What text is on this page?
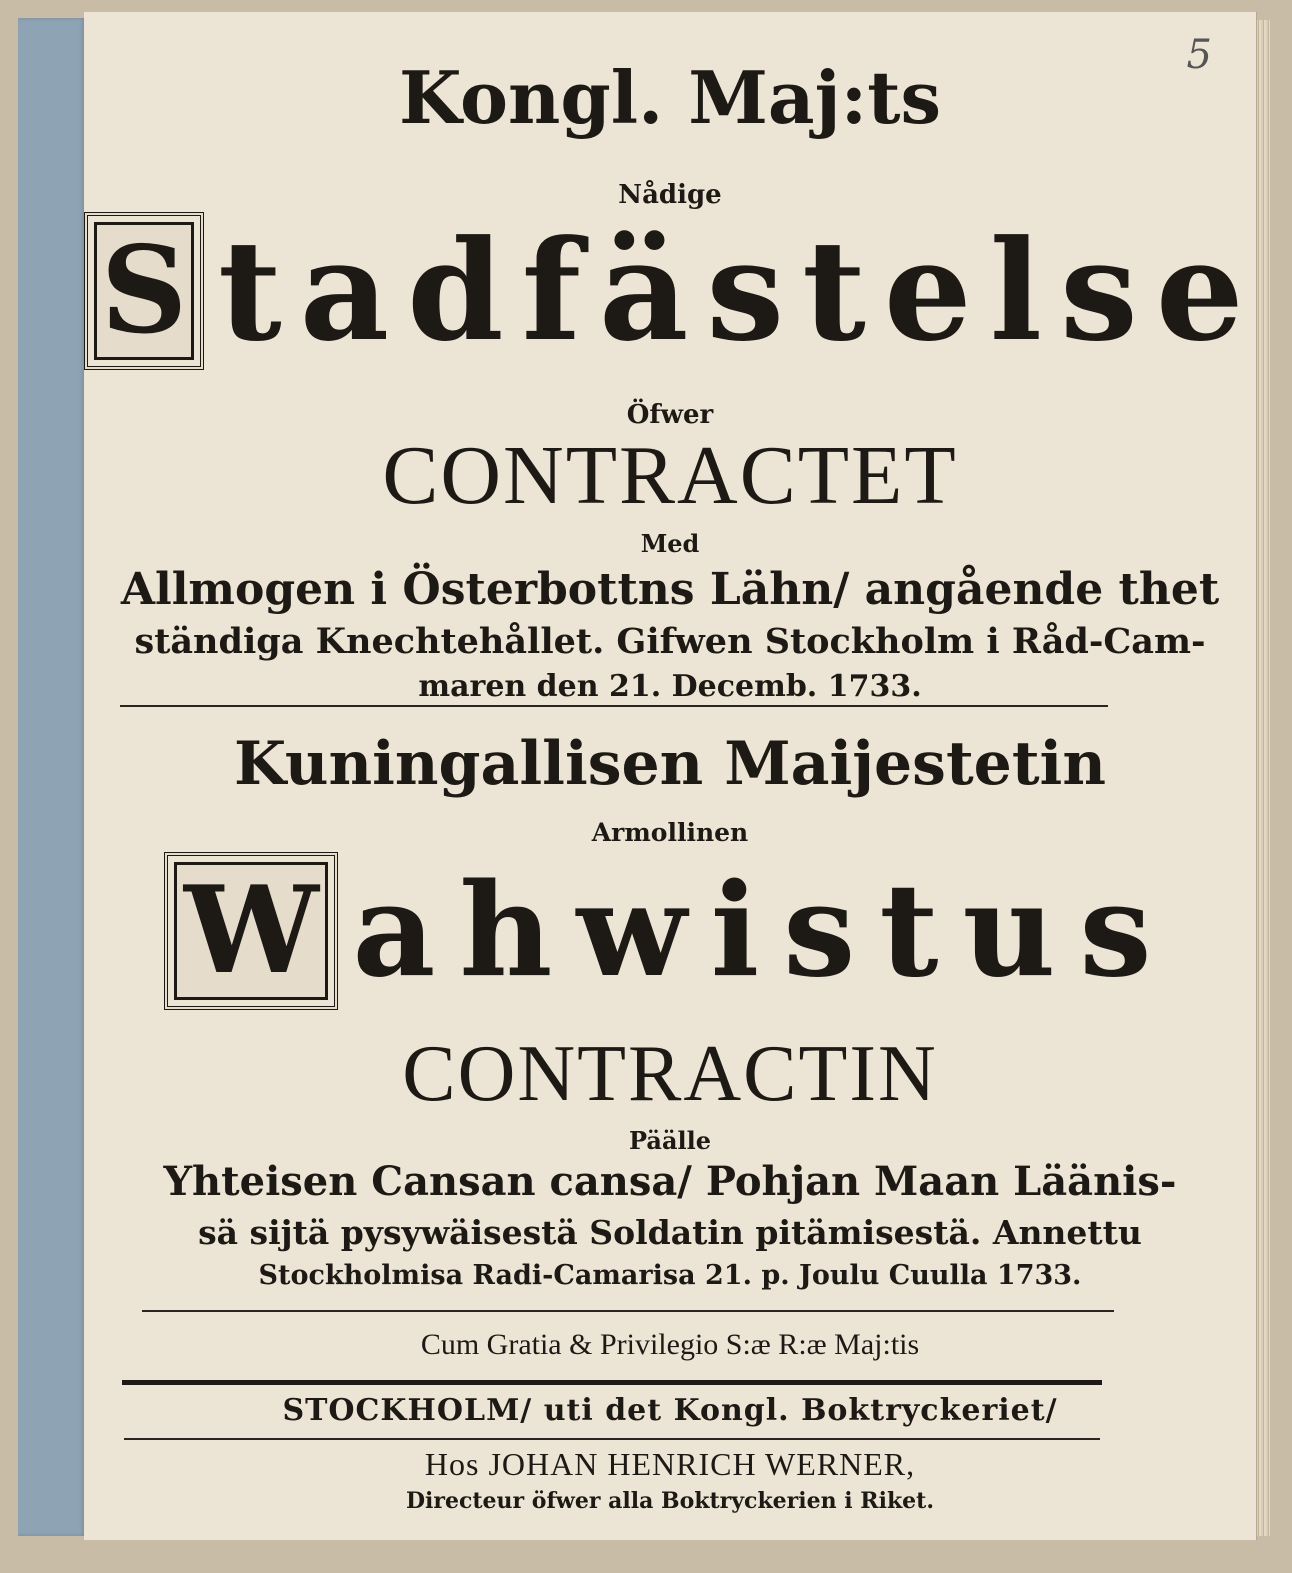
5
Kongl. Maj:ts
Nådige
S tadfästelse
Öfwer
CONTRACTET
Med
Allmogen i Österbottns Lähn/ angående thet
ständiga Knechtehållet. Gifwen Stockholm i Råd-Cam-
maren den 21. Decemb. 1733.
Kuningallisen Maijestetin
Armollinen
W ahwistus
CONTRACTIN
Päälle
Yhteisen Cansan cansa/ Pohjan Maan Läänis-
sä sijtä pysywäisestä Soldatin pitämisestä. Annettu
Stockholmisa Radi-Camarisa 21. p. Joulu Cuulla 1733.
Cum Gratia & Privilegio S:æ R:æ Maj:tis
STOCKHOLM/ uti det Kongl. Boktryckeriet/
Hos JOHAN HENRICH WERNER,
Directeur öfwer alla Boktryckerien i Riket.
